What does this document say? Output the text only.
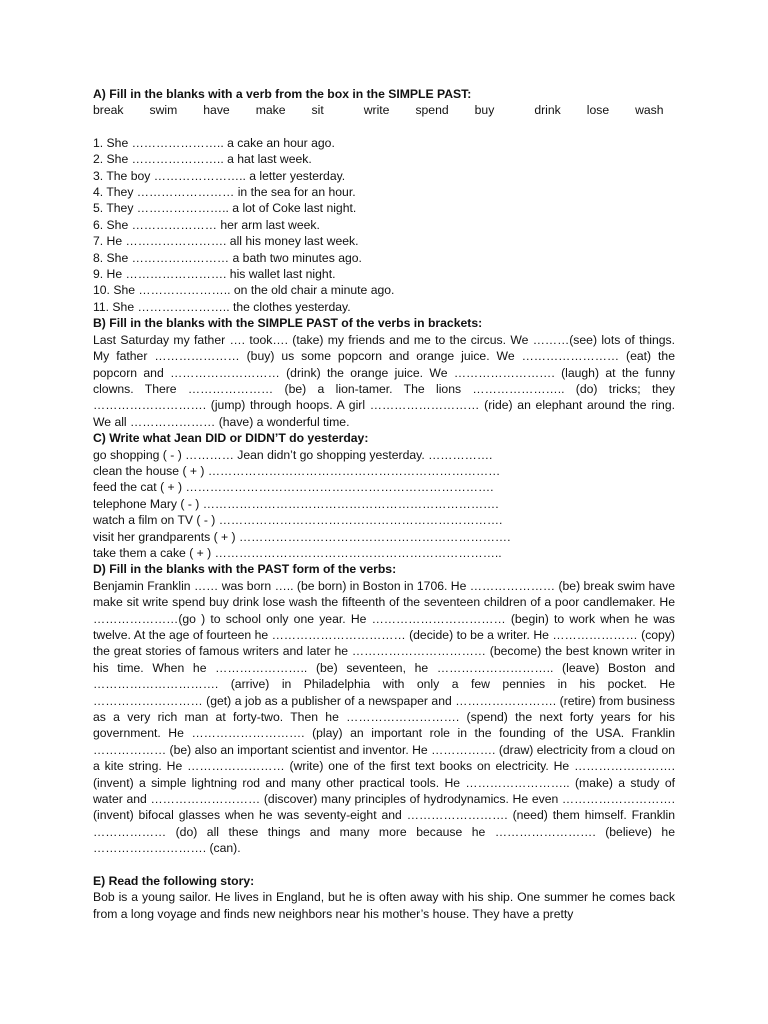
A) Fill in the blanks with a verb from the box in the SIMPLE PAST:

break swim have make sit	write spend buy	drink lose wash

1. She ………………….. a cake an hour ago.

2. She ………………….. a hat last week.

3. The boy ………………….. a letter yesterday.

4. They …………………… in the sea for an hour.

5. They ………………….. a lot of Coke last night.

6. She ………………… her arm last week.

7. He ……………………. all his money last week.

8. She …………………… a bath two minutes ago.

9. He ……………………. his wallet last night.

10. She ………………….. on the old chair a minute ago.

11. She ………………….. the clothes yesterday.

B) Fill in the blanks with the SIMPLE PAST of the verbs in brackets:

Last Saturday my father …. took…. (take) my friends and me to the circus. We ………(see) lots of things. My father ………………… (buy) us some popcorn and orange juice. We …………………… (eat) the popcorn and ……………………… (drink) the orange juice. We ……………………. (laugh) at the funny clowns. There ………………… (be) a lion-tamer. The lions ………………….. (do) tricks; they ………………………. (jump) through hoops. A girl ……………………… (ride) an elephant around the ring. We all ………………… (have) a wonderful time.

C) Write what Jean DID or DIDN’T do yesterday:

go shopping ( - ) ………… Jean didn’t go shopping yesterday. …………….

clean the house ( + ) ………………………………………………………………

feed the cat ( + ) ………………………………………………………………….

telephone Mary ( - ) ……………………………………………………………….

watch a film on TV ( - ) …………………………………………………………….

visit her grandparents ( + ) ………………………………………………………….

take them a cake ( + ) ……………………………………………………………..

D) Fill in the blanks with the PAST form of the verbs:

Benjamin Franklin …… was born ….. (be born) in Boston in 1706. He ………………… (be) break swim have make sit write spend buy drink lose wash the fifteenth of the seventeen children of a poor candlemaker. He …………………(go ) to school only one year. He …………………………… (begin) to work when he was twelve. At the age of fourteen he …………………………… (decide) to be a writer. He ………………… (copy) the great stories of famous writers and later he …………………………… (become) the best known writer in his time. When he ………………….. (be) seventeen, he ……………………….. (leave) Boston and …………………………. (arrive) in Philadelphia with only a few pennies in his pocket. He ……………………… (get) a job as a publisher of a newspaper and ……………………. (retire) from business as a very rich man at forty-two. Then he ………………………. (spend) the next forty years for his government. He ………………………. (play) an important role in the founding of the USA. Franklin ……………… (be) also an important scientist and inventor. He ……………. (draw) electricity from a cloud on a kite string. He …………………… (write) one of the first text books on electricity. He ……………………. (invent) a simple lightning rod and many other practical tools. He …………………….. (make) a study of water and ……………………… (discover) many principles of hydrodynamics. He even ………………………. (invent) bifocal glasses when he was seventy-eight and ……………………. (need) them himself. Franklin ……………… (do) all these things and many more because he ……………………. (believe) he ………………………. (can).

E) Read the following story:

Bob is a young sailor. He lives in England, but he is often away with his ship. One summer he comes back from a long voyage and finds new neighbors near his mother’s house. They have a pretty
